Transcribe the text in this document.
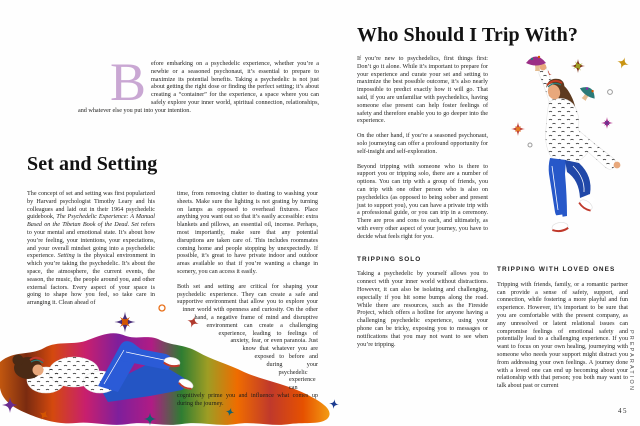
Before embarking on a psychedelic experience, whether you’re a newbie or a seasoned psychonaut, it’s essential to prepare to maximize its potential benefits. Taking a psychedelic is not just about getting the right dose or finding the perfect setting; it’s about creating a “container” for the experience, a space where you can safely explore your inner world, spiritual connection, relationships, and whatever else you put into your intention.
Set and Setting

The concept of set and setting was first popularized by Harvard psychologist Timothy Leary and his colleagues and laid out in their 1964 psychedelic guidebook, The Psychedelic Experience: A Manual Based on the Tibetan Book of the Dead. Set refers to your mental and emotional state. It’s about how you’re feeling, your intentions, your expectations, and your overall mindset going into a psychedelic experience. Setting is the physical environment in which you’re taking the psychedelic. It’s about the space, the atmosphere, the current events, the season, the music, the people around you, and other external factors. Every aspect of your space is going to shape how you feel, so take care in arranging it. Clean ahead of

time, from removing clutter to dusting to washing your sheets. Make sure the lighting is not grating by turning on lamps as opposed to overhead fixtures. Place anything you want out so that it’s easily accessible: extra blankets and pillows, an essential oil, incense. Perhaps, most importantly, make sure that any potential disruptions are taken care of. This includes roommates coming home and people stopping by unexpectedly. If possible, it’s great to have private indoor and outdoor areas available so that if you’re wanting a change in scenery, you can access it easily.

Both set and setting are critical for shaping your psychedelic experience. They can create a safe and supportive environment that allow you to explore your inner world with openness and curiosity. On the other hand, a negative frame of mind and disruptive environment can create a challenging experience, leading to feelings of anxiety, fear, or even paranoia. Just know that whatever you are exposed to before and during your psychedelic experience can cognitively prime you and influence what comes up during the journey.

Who Should I Trip With?

If you’re new to psychedelics, first things first: Don’t go it alone. While it’s important to prepare for your experience and curate your set and setting to maximize the best possible outcome, it’s also nearly impossible to predict exactly how it will go. That said, if you are unfamiliar with psychedelics, having someone else present can help foster feelings of safety and therefore enable you to go deeper into the experience.

On the other hand, if you’re a seasoned psychonaut, solo journeying can offer a profound opportunity for self-insight and self-exploration.

Beyond tripping with someone who is there to support you or tripping solo, there are a number of options. You can trip with a group of friends, you can trip with one other person who is also on psychedelics (as opposed to being sober and present just to support you), you can have a private trip with a professional guide, or you can trip in a ceremony. There are pros and cons to each, and ultimately, as with every other aspect of your journey, you have to decide what feels right for you.

TRIPPING SOLO

Taking a psychedelic by yourself allows you to connect with your inner world without distractions. However, it can also be isolating and challenging, especially if you hit some bumps along the road. While there are resources, such as the Fireside Project, which offers a hotline for anyone having a challenging psychedelic experience, using your phone can be tricky, exposing you to messages or notifications that you may not want to see when you’re tripping.

TRIPPING WITH LOVED ONES

Tripping with friends, family, or a romantic partner can provide a sense of safety, support, and connection, while fostering a more playful and fun experience. However, it’s important to be sure that you are comfortable with the present company, as any unresolved or latent relational issues can compromise feelings of emotional safety and potentially lead to a challenging experience. If you want to focus on your own healing, journeying with someone who needs your support might distract you from addressing your own feelings. A journey done with a loved one can end up becoming about your relationship with that person; you both may want to talk about past or current	PREPARATION
45
